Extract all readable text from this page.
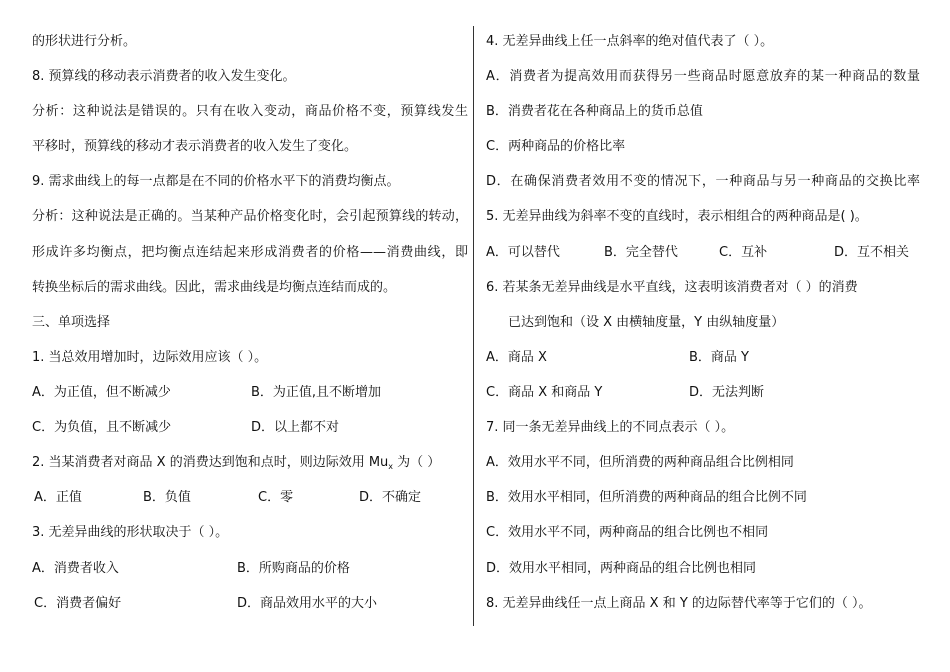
的形状进行分析。
8. 预算线的移动表示消费者的收入发生变化。
分析：这种说法是错误的。只有在收入变动，商品价格不变，预算线发生
平移时，预算线的移动才表示消费者的收入发生了变化。
9. 需求曲线上的每一点都是在不同的价格水平下的消费均衡点。
分析：这种说法是正确的。当某种产品价格变化时，会引起预算线的转动，
形成许多均衡点，把均衡点连结起来形成消费者的价格——消费曲线，即
转换坐标后的需求曲线。因此，需求曲线是均衡点连结而成的。
三、单项选择
1. 当总效用增加时，边际效用应该（ ）。
A．为正值，但不断减少	B．为正值,且不断增加
C．为负值，且不断减少	D．以上都不对
2. 当某消费者对商品 X 的消费达到饱和点时，则边际效用 $Mu_x$ 为（ ）
A．正值	B．负值	C．零	D．不确定
3. 无差异曲线的形状取决于（ ）。
A．消费者收入	B．所购商品的价格
C．消费者偏好	D．商品效用水平的大小
4. 无差异曲线上任一点斜率的绝对值代表了（ ）。
A．消费者为提高效用而获得另一些商品时愿意放弃的某一种商品的数量
B．消费者花在各种商品上的货币总值
C．两种商品的价格比率
D．在确保消费者效用不变的情况下，一种商品与另一种商品的交换比率
5. 无差异曲线为斜率不变的直线时，表示相组合的两种商品是( )。
A．可以替代	B．完全替代	C．互补	D．互不相关
6. 若某条无差异曲线是水平直线，这表明该消费者对（ ）的消费
已达到饱和（设 X 由横轴度量，Y 由纵轴度量）
A．商品 X	B．商品 Y
C．商品 X 和商品 Y	D．无法判断
7. 同一条无差异曲线上的不同点表示（ ）。
A．效用水平不同，但所消费的两种商品组合比例相同
B．效用水平相同，但所消费的两种商品的组合比例不同
C．效用水平不同，两种商品的组合比例也不相同
D．效用水平相同，两种商品的组合比例也相同
8. 无差异曲线任一点上商品 X 和 Y 的边际替代率等于它们的（ ）。
